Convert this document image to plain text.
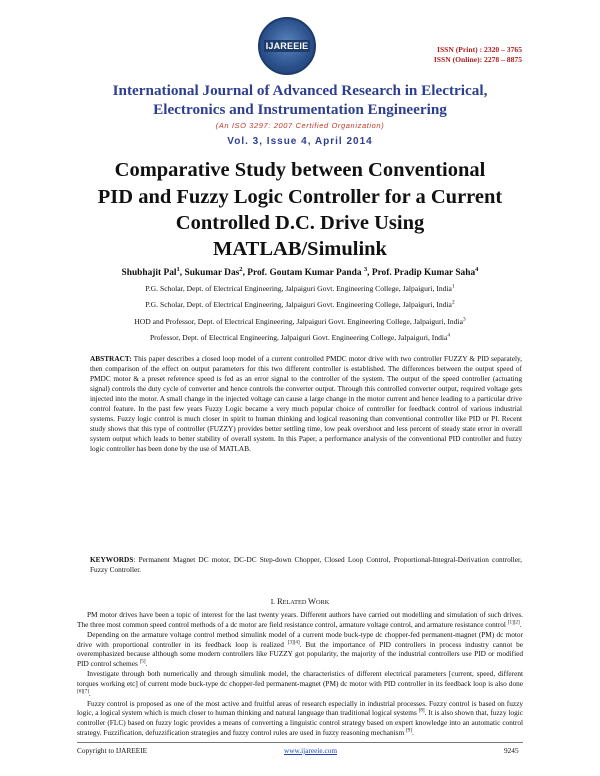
IJAREEIE	ISSN (Print) : 2320 – 3765
ISSN (Online): 2278 – 8875
International Journal of Advanced Research in Electrical,
Electronics and Instrumentation Engineering
(An ISO 3297: 2007 Certified Organization)
Vol. 3, Issue 4, April 2014
Comparative Study between Conventional
PID and Fuzzy Logic Controller for a Current
Controlled D.C. Drive Using
MATLAB/Simulink
Shubhajit Pal$^1$, Sukumar Das$^2$, Prof. Goutam Kumar Panda $^3$, Prof. Pradip Kumar Saha$^4$
P.G. Scholar, Dept. of Electrical Engineering, Jalpaiguri Govt. Engineering College, Jalpaiguri, India$^1$
P.G. Scholar, Dept. of Electrical Engineering, Jalpaiguri Govt. Engineering College, Jalpaiguri, India$^2$
HOD and Professor, Dept. of Electrical Engineering, Jalpaiguri Govt. Engineering College, Jalpaiguri, India$^3$
Professor, Dept. of Electrical Engineering, Jalpaiguri Govt. Engineering College, Jalpaiguri, India$^4$
ABSTRACT: This paper describes a closed loop model of a current controlled PMDC motor drive with two controller FUZZY & PID separately, then comparison of the effect on output parameters for this two different controller is established. The differences between the output speed of PMDC motor & a preset reference speed is fed as an error signal to the controller of the system. The output of the speed controller (actuating signal) controls the duty cycle of converter and hence controls the converter output. Through this controlled converter output, required voltage gets injected into the motor. A small change in the injected voltage can cause a large change in the motor current and hence leading to a particular drive control feature. In the past few years Fuzzy Logic became a very much popular choice of controller for feedback control of various industrial systems. Fuzzy logic control is much closer in spirit to human thinking and logical reasoning than conventional controller like PID or PI. Recent study shows that this type of controller (FUZZY) provides better settling time, low peak overshoot and less percent of steady state error in overall system output which leads to better stability of overall system. In this Paper, a performance analysis of the conventional PID controller and fuzzy logic controller has been done by the use of MATLAB.
KEYWORDS: Permanent Magnet DC motor, DC-DC Step-down Chopper, Closed Loop Control, Proportional-Integral-Derivation controller, Fuzzy Controller.
I. RELATED WORK

PM motor drives have been a topic of interest for the last twenty years. Different authors have carried out modelling and simulation of such drives. The three most common speed control methods of a dc motor are field resistance control, armature voltage control, and armature resistance control [1][2].

Depending on the armature voltage control method simulink model of a current mode buck-type dc chopper-fed permanent-magnet (PM) dc motor drive with proportional controller in its feedback loop is realized [3][4]. But the importance of PID controllers in process industry cannot be overemphasized because although some modern controllers like FUZZY got popularity, the majority of the industrial controllers use PID or modified PID control schemes [5].

Investigate through both numerically and through simulink model, the characteristics of different electrical parameters [current, speed, different torques working etc] of current mode buck-type dc chopper-fed permanent-magnet (PM) dc motor with PID controller in its feedback loop is also done [6][7].

Fuzzy control is proposed as one of the most active and fruitful areas of research especially in industrial processes. Fuzzy control is based on fuzzy logic, a logical system which is much closer to human thinking and natural language than traditional logical systems [8]. It is also shown that, fuzzy logic controller (FLC) based on fuzzy logic provides a means of converting a linguistic control strategy based on expert knowledge into an automatic control strategy. Fuzzification, defuzzification strategies and fuzzy control rules are used in fuzzy reasoning mechanism [9].

Copyright to IJAREEIE	www.ijareeie.com	9245
